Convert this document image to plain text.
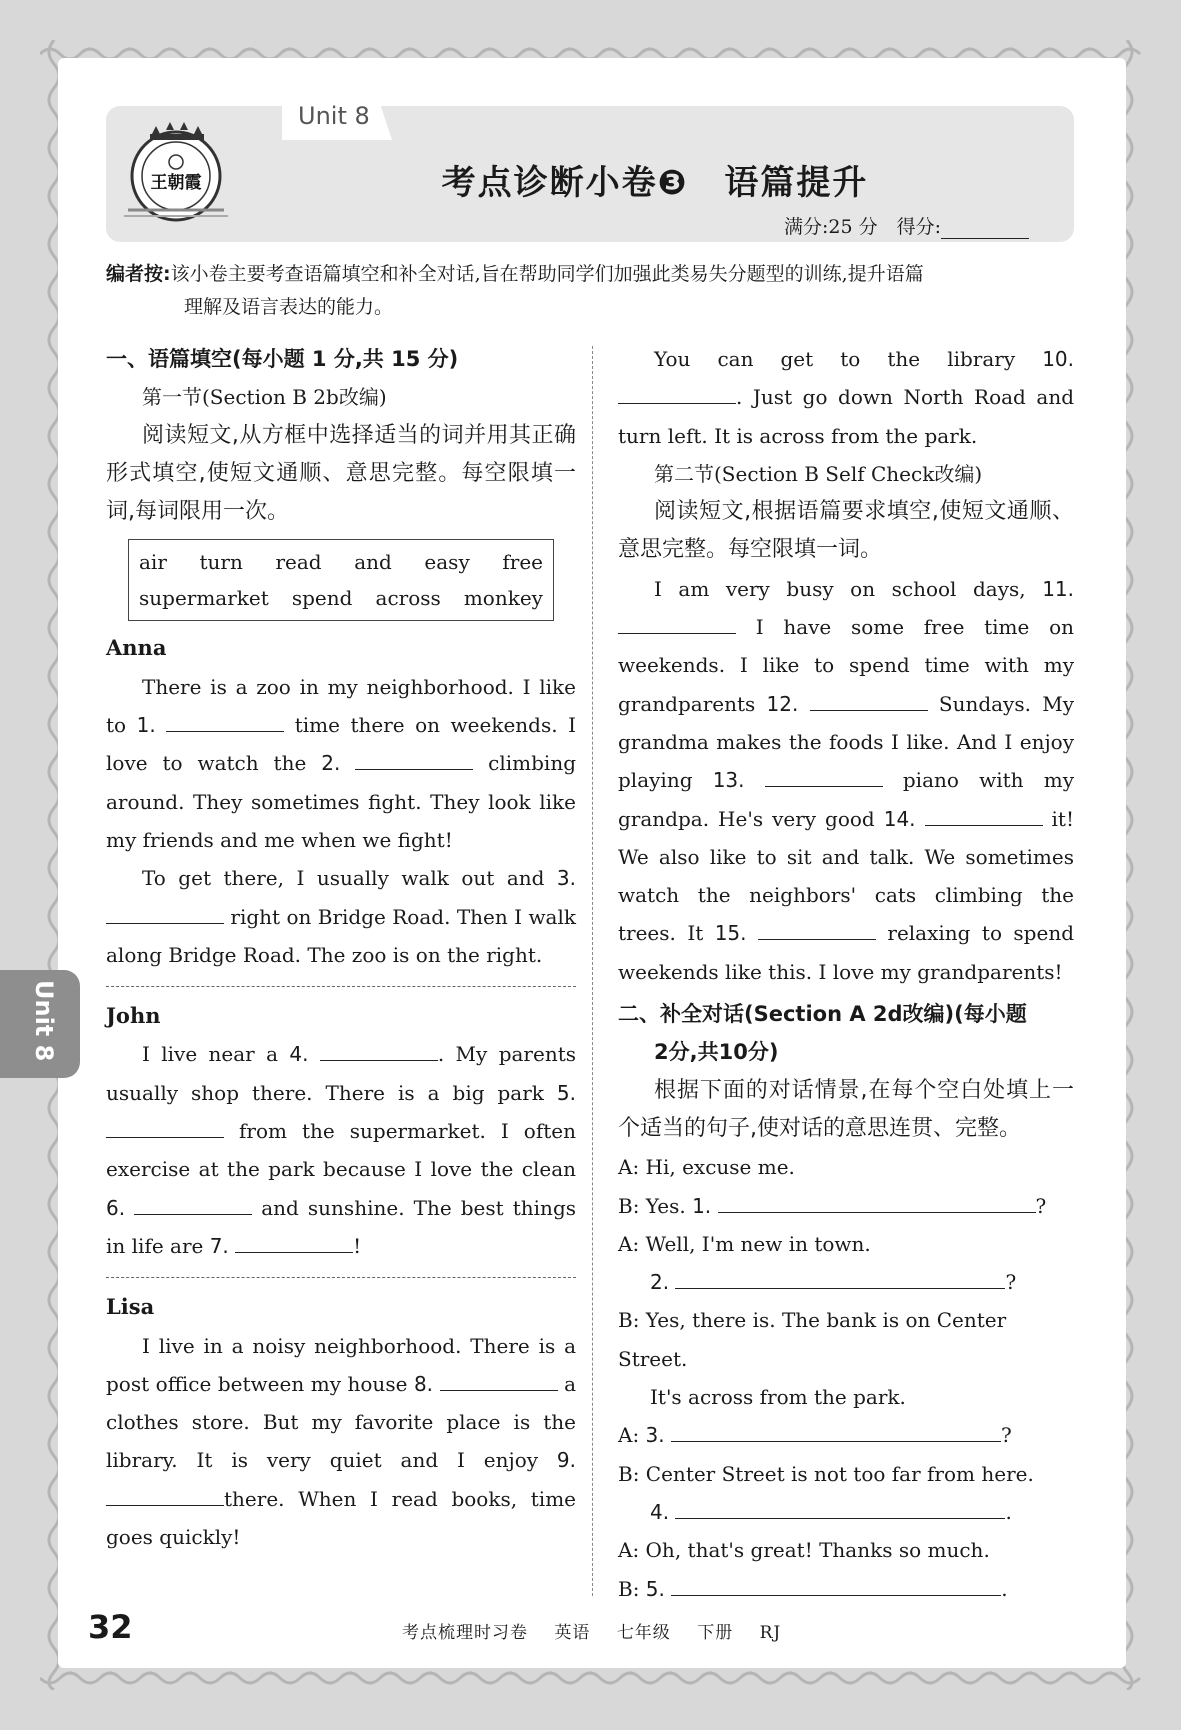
Unit 8
王朝霞	考点诊断小卷❸　语篇提升
满分:25 分　得分:
编者按:该小卷主要考查语篇填空和补全对话,旨在帮助同学们加强此类易失分题型的训练,提升语篇
理解及语言表达的能力。
一、语篇填空(每小题 1 分,共 15 分)
第一节(Section B 2b改编)
阅读短文,从方框中选择适当的词并用其正确形式填空,使短文通顺、意思完整。每空限填一词,每词限用一次。
air turn read and easy free
supermarket spend across monkey
Anna
There is a zoo in my neighborhood. I like to 1.	time there on weekends. I love to watch the 2.	climbing around. They sometimes fight. They look like my friends and me when we fight!
To get there, I usually walk out and 3.  right on Bridge Road. Then I walk along Bridge Road. The zoo is on the right.
John
I live near a 4.	. My parents usually shop there. There is a big park 5.  from the supermarket. I often exercise at the park because I love the clean 6.	and sunshine. The best things in life are 7.	!
Lisa
I live in a noisy neighborhood. There is a post office between my house 8.	a clothes store. But my favorite place is the library. It is very quiet and I enjoy 9. there. When I read books, time goes quickly!
You can get to the library 10. . Just go down North Road and turn left. It is across from the park.
第二节(Section B Self Check改编)
阅读短文,根据语篇要求填空,使短文通顺、意思完整。每空限填一词。
I am very busy on school days, 11.  I have some free time on weekends. I like to spend time with my grandparents 12.	Sundays. My grandma makes the foods I like. And I enjoy playing 13.	piano with my grandpa. He's very good 14.	it! We also like to sit and talk. We sometimes watch the neighbors' cats climbing the trees. It 15.	relaxing to spend weekends like this. I love my grandparents!
二、补全对话(Section A 2d改编)(每小题
2分,共10分)
根据下面的对话情景,在每个空白处填上一个适当的句子,使对话的意思连贯、完整。
A: Hi, excuse me.
B: Yes. 1.	?
A: Well, I'm new in town.
2.	?
B: Yes, there is. The bank is on Center Street.
It's across from the park.
A: 3.	?
B: Center Street is not too far from here.
4.	.
A: Oh, that's great! Thanks so much.
B: 5.	.
Unit 8
32	考点梳理时习卷 英语 七年级 下册 RJ
